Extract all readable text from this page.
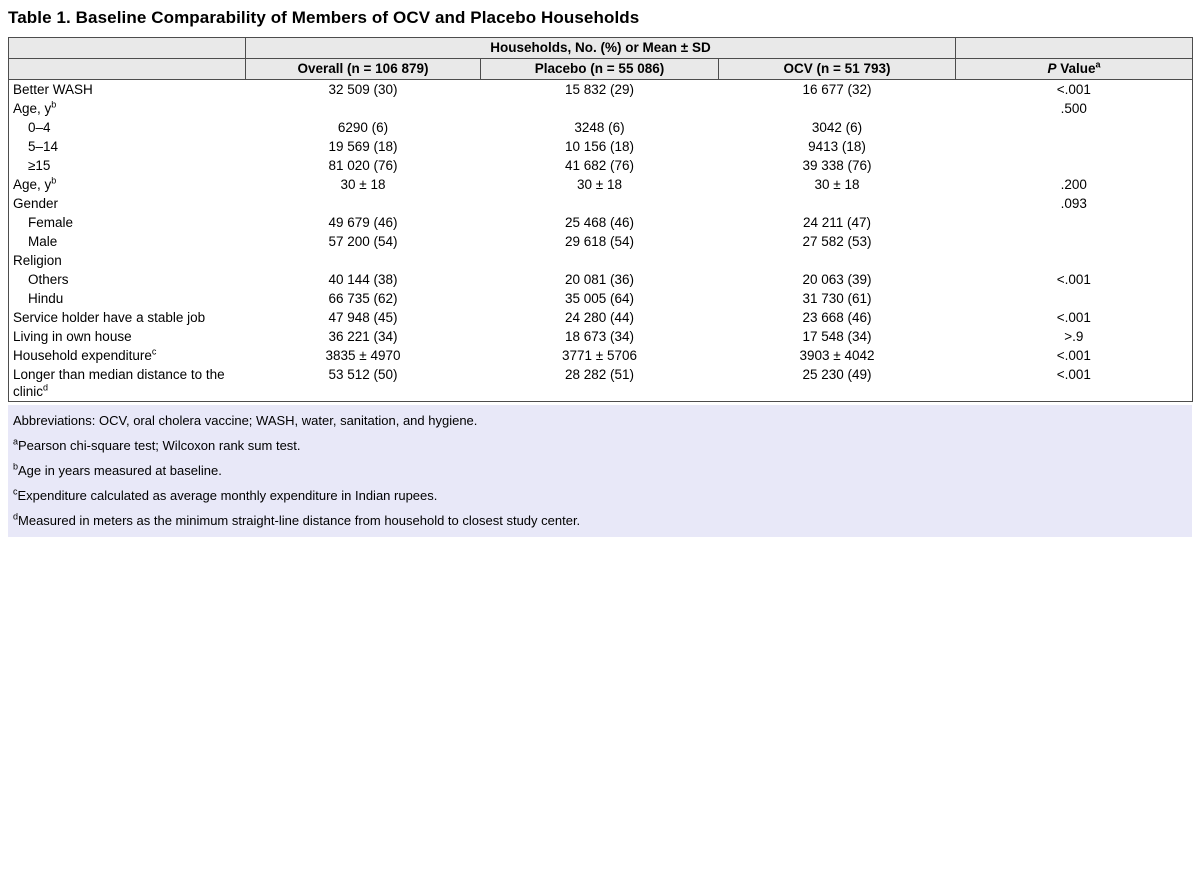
Table 1. Baseline Comparability of Members of OCV and Placebo Households
	Households, No. (%) or Mean ± SD			
	Overall (n = 106 879)	Placebo (n = 55 086)	OCV (n = 51 793)	P Value$^a$
Better WASH	32 509 (30)	15 832 (29)	16 677 (32)	<.001
Age, $y^b$				.500
0–4	6290 (6)	3248 (6)	3042 (6)	
5–14	19 569 (18)	10 156 (18)	9413 (18)	
≥15	81 020 (76)	41 682 (76)	39 338 (76)	
Age, $y^b$	30 ± 18	30 ± 18	30 ± 18	.200
Gender				.093
Female	49 679 (46)	25 468 (46)	24 211 (47)	
Male	57 200 (54)	29 618 (54)	27 582 (53)	
Religion				
Others	40 144 (38)	20 081 (36)	20 063 (39)	<.001
Hindu	66 735 (62)	35 005 (64)	31 730 (61)	
Service holder have a stable job	47 948 (45)	24 280 (44)	23 668 (46)	<.001
Living in own house	36 221 (34)	18 673 (34)	17 548 (34)	>.9
Household expenditure$^c$	3835 ± 4970	3771 ± 5706	3903 ± 4042	<.001
Longer than median distance to the clinic$^d$	53 512 (50)	28 282 (51)	25 230 (49)	<.001

Abbreviations: OCV, oral cholera vaccine; WASH, water, sanitation, and hygiene.

$^a$Pearson chi-square test; Wilcoxon rank sum test.

$^b$Age in years measured at baseline.

$^c$Expenditure calculated as average monthly expenditure in Indian rupees.

$^d$Measured in meters as the minimum straight-line distance from household to closest study center.
